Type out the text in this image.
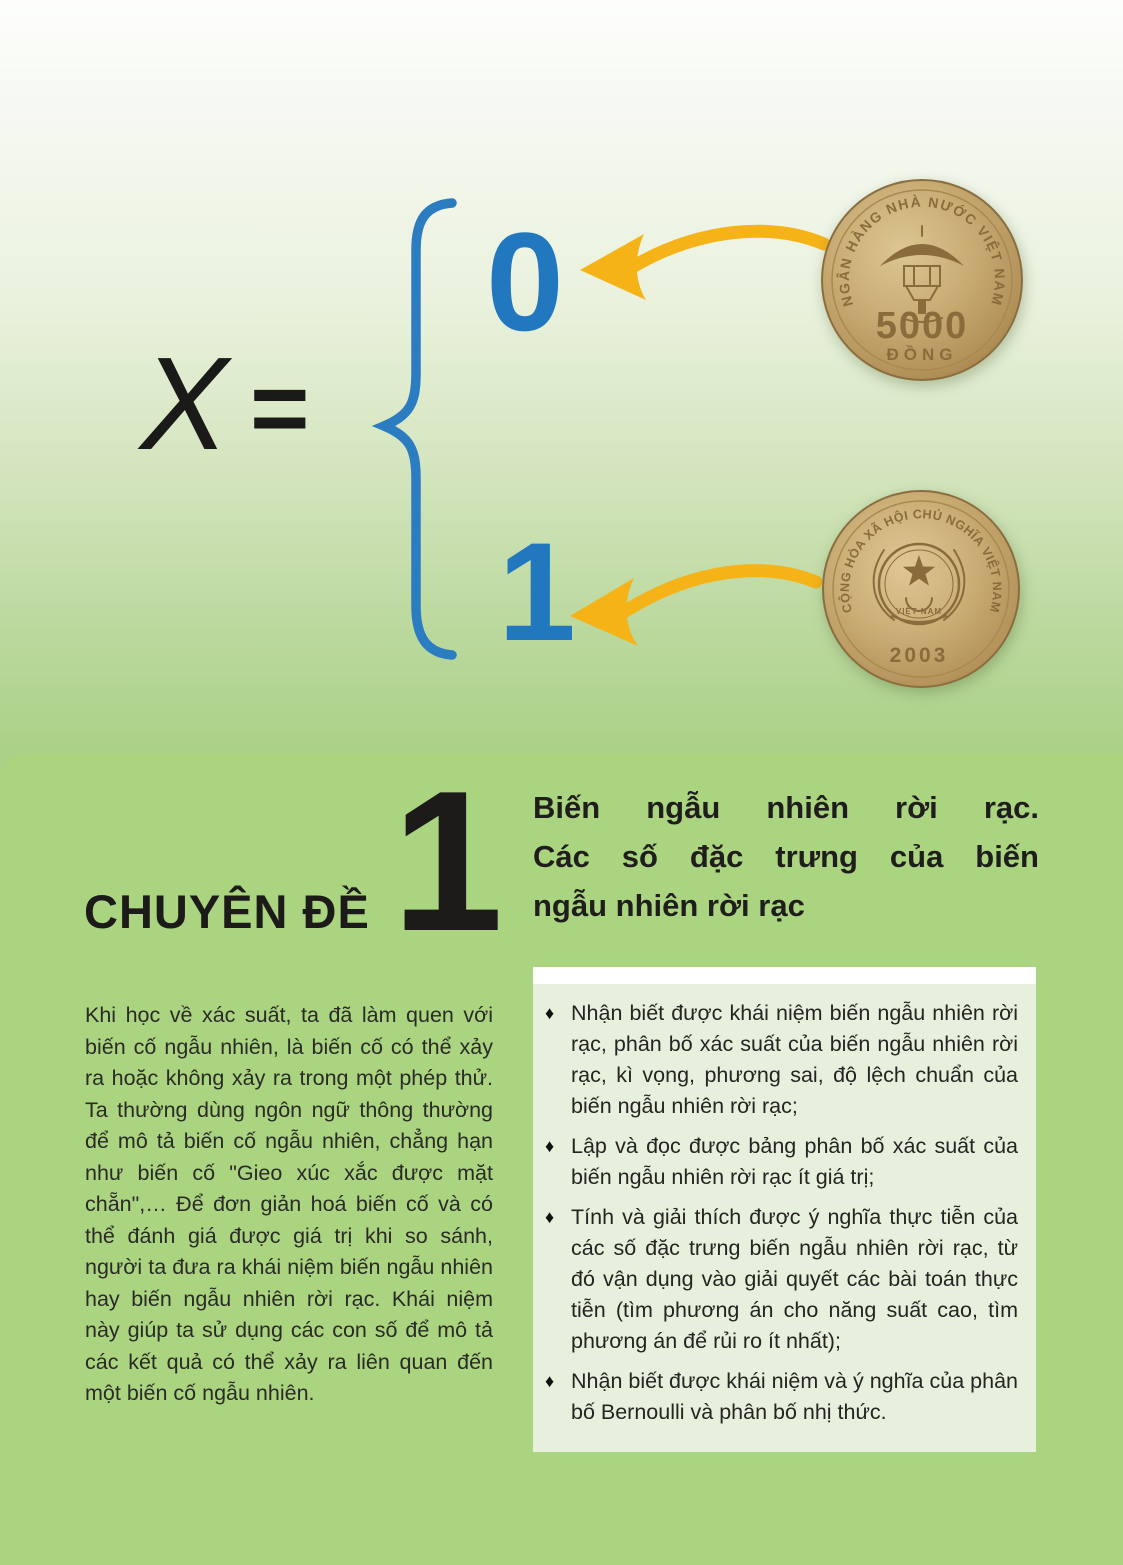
X =
0
1
NGÂN HÀNG NHÀ NƯỚC VIỆT NAM
5000
ĐỒNG
CỘNG HÒA XÃ HỘI CHỦ NGHĨA VIỆT NAM
VIỆT NAM
2003
CHUYÊN ĐỀ 1 Biến ngẫu nhiên rời rạc.
Các số đặc trưng của biến
ngẫu nhiên rời rạc
Khi học về xác suất, ta đã làm quen với biến cố ngẫu nhiên, là biến cố có thể xảy ra hoặc không xảy ra trong một phép thử. Ta thường dùng ngôn ngữ thông thường để mô tả biến cố ngẫu nhiên, chẳng hạn như biến cố "Gieo xúc xắc được mặt chẵn",… Để đơn giản hoá biến cố và có thể đánh giá được giá trị khi so sánh, người ta đưa ra khái niệm biến ngẫu nhiên hay biến ngẫu nhiên rời rạc. Khái niệm này giúp ta sử dụng các con số để mô tả các kết quả có thể xảy ra liên quan đến một biến cố ngẫu nhiên.
♦ Nhận biết được khái niệm biến ngẫu nhiên rời rạc, phân bố xác suất của biến ngẫu nhiên rời rạc, kì vọng, phương sai, độ lệch chuẩn của biến ngẫu nhiên rời rạc;
♦ Lập và đọc được bảng phân bố xác suất của biến ngẫu nhiên rời rạc ít giá trị;
♦ Tính và giải thích được ý nghĩa thực tiễn của các số đặc trưng biến ngẫu nhiên rời rạc, từ đó vận dụng vào giải quyết các bài toán thực tiễn (tìm phương án cho năng suất cao, tìm phương án để rủi ro ít nhất);
♦ Nhận biết được khái niệm và ý nghĩa của phân bố Bernoulli và phân bố nhị thức.
